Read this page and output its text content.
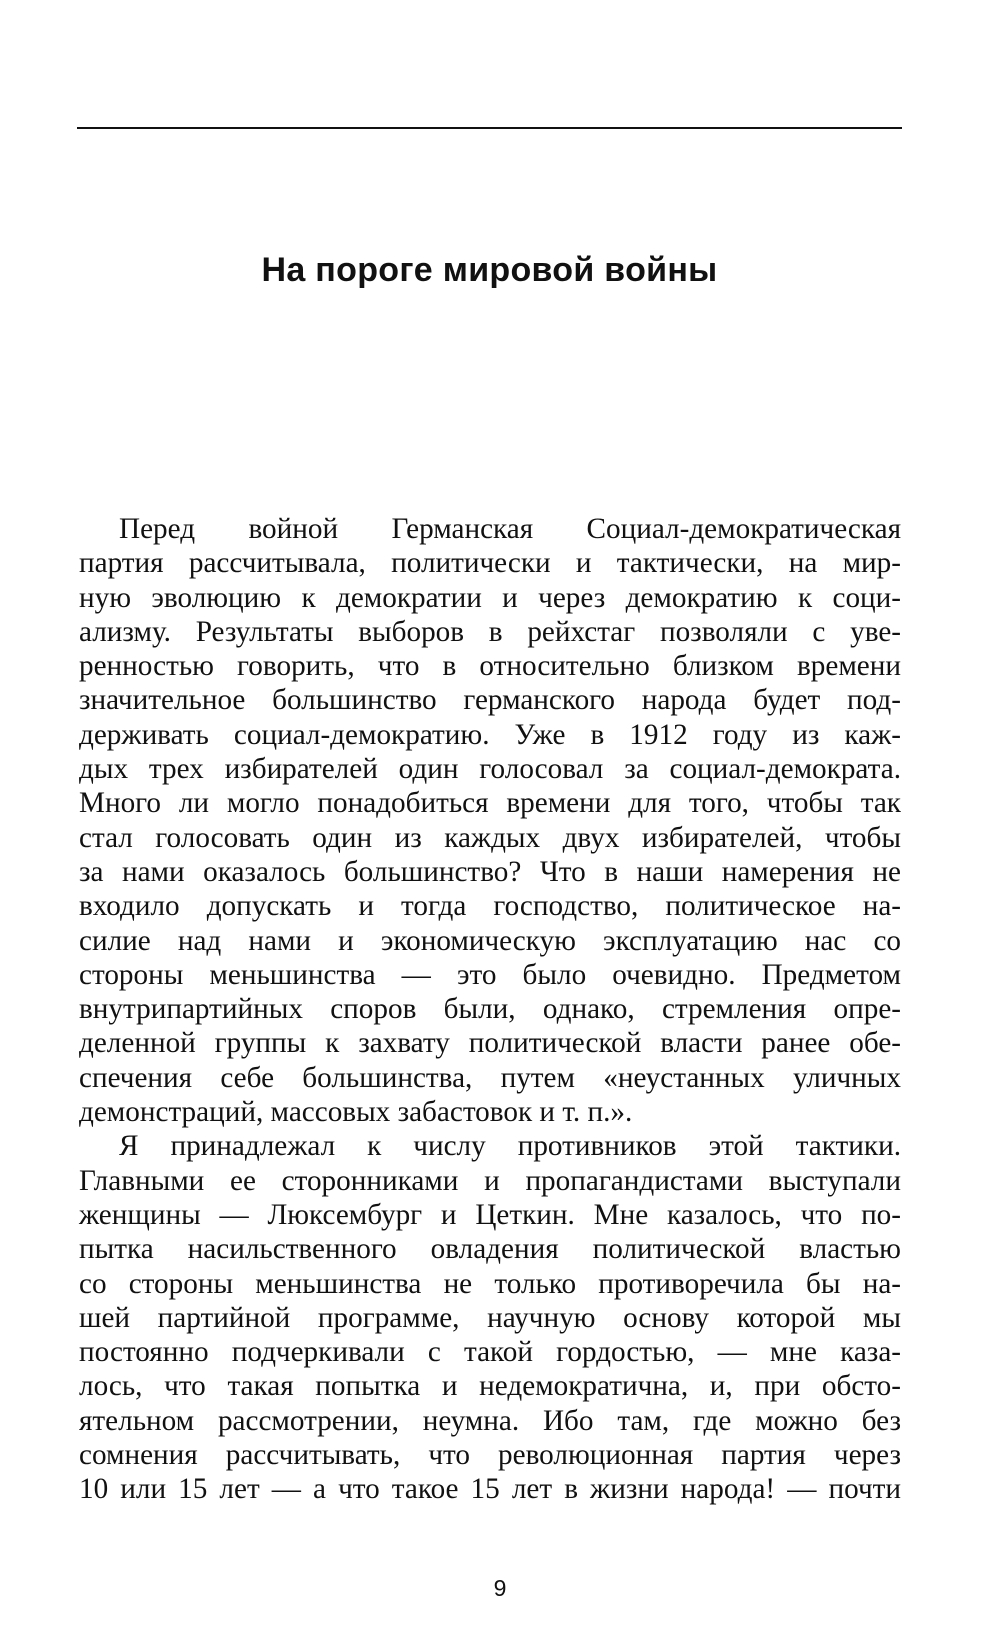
На пороге мировой войны
Перед войной Германская Социал-демократическая
партия рассчитывала, политически и тактически, на мир-
ную эволюцию к демократии и через демократию к соци-
ализму. Результаты выборов в рейхстаг позволяли с уве-
ренностью говорить, что в относительно близком времени
значительное большинство германского народа будет под-
держивать социал-демократию. Уже в 1912 году из каж-
дых трех избирателей один голосовал за социал-демократа.
Много ли могло понадобиться времени для того, чтобы так
стал голосовать один из каждых двух избирателей, чтобы
за нами оказалось большинство? Что в наши намерения не
входило допускать и тогда господство, политическое на-
силие над нами и экономическую эксплуатацию нас со
стороны меньшинства — это было очевидно. Предметом
внутрипартийных споров были, однако, стремления опре-
деленной группы к захвату политической власти ранее обе-
спечения себе большинства, путем «неустанных уличных
демонстраций, массовых забастовок и т. п.».
Я принадлежал к числу противников этой тактики.
Главными ее сторонниками и пропагандистами выступали
женщины — Люксембург и Цеткин. Мне казалось, что по-
пытка насильственного овладения политической властью
со стороны меньшинства не только противоречила бы на-
шей партийной программе, научную основу которой мы
постоянно подчеркивали с такой гордостью, — мне каза-
лось, что такая попытка и недемократична, и, при обсто-
ятельном рассмотрении, неумна. Ибо там, где можно без
сомнения рассчитывать, что революционная партия через
10 или 15 лет — а что такое 15 лет в жизни народа! — почти
9
